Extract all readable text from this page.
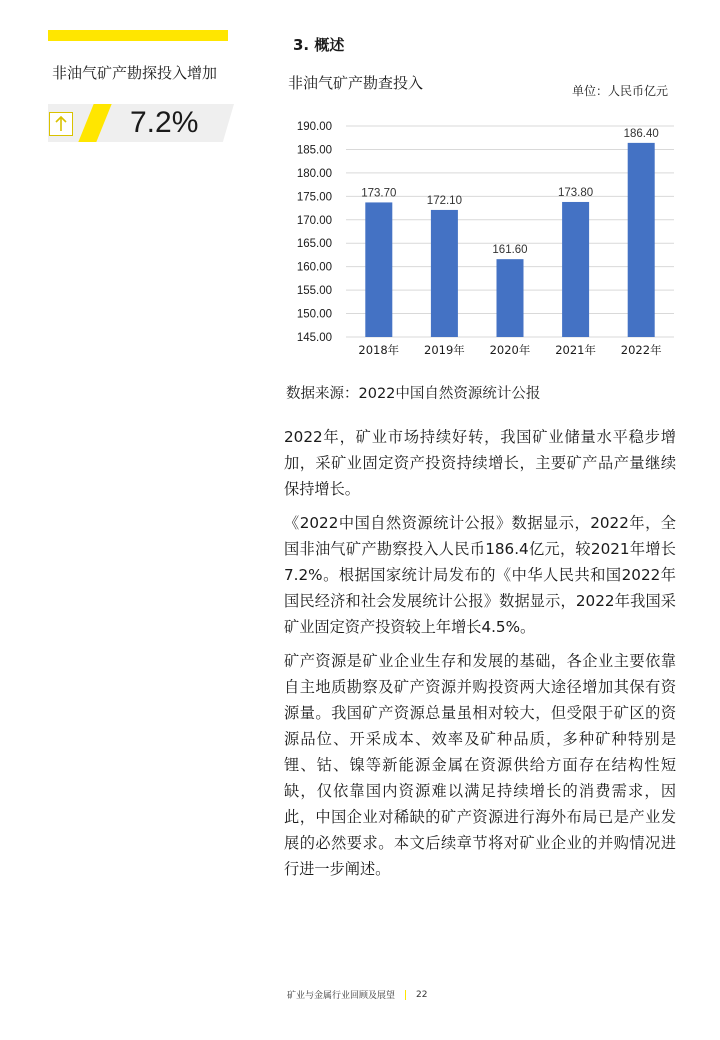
非油气矿产勘探投入增加
7.2%
3. 概述
非油气矿产勘查投入	单位：人民币亿元
190.00
185.00
180.00
175.00
170.00
165.00
160.00
155.00
150.00
145.00
173.70
2018年
172.10
2019年
161.60
2020年
173.80
2021年
186.40
2022年
数据来源：2022中国自然资源统计公报

2022年，矿业市场持续好转，我国矿业储量水平稳步增加，采矿业固定资产投资持续增长，主要矿产品产量继续保持增长。

《2022中国自然资源统计公报》数据显示，2022年，全国非油气矿产勘察投入人民币186.4亿元，较2021年增长7.2%。根据国家统计局发布的《中华人民共和国2022年国民经济和社会发展统计公报》数据显示，2022年我国采矿业固定资产投资较上年增长4.5%。

矿产资源是矿业企业生存和发展的基础，各企业主要依靠自主地质勘察及矿产资源并购投资两大途径增加其保有资源量。我国矿产资源总量虽相对较大，但受限于矿区的资源品位、开采成本、效率及矿种品质，多种矿种特别是锂、钴、镍等新能源金属在资源供给方面存在结构性短缺，仅依靠国内资源难以满足持续增长的消费需求，因此，中国企业对稀缺的矿产资源进行海外布局已是产业发展的必然要求。本文后续章节将对矿业企业的并购情况进行进一步阐述。

矿业与金属行业回顾及展望 22
